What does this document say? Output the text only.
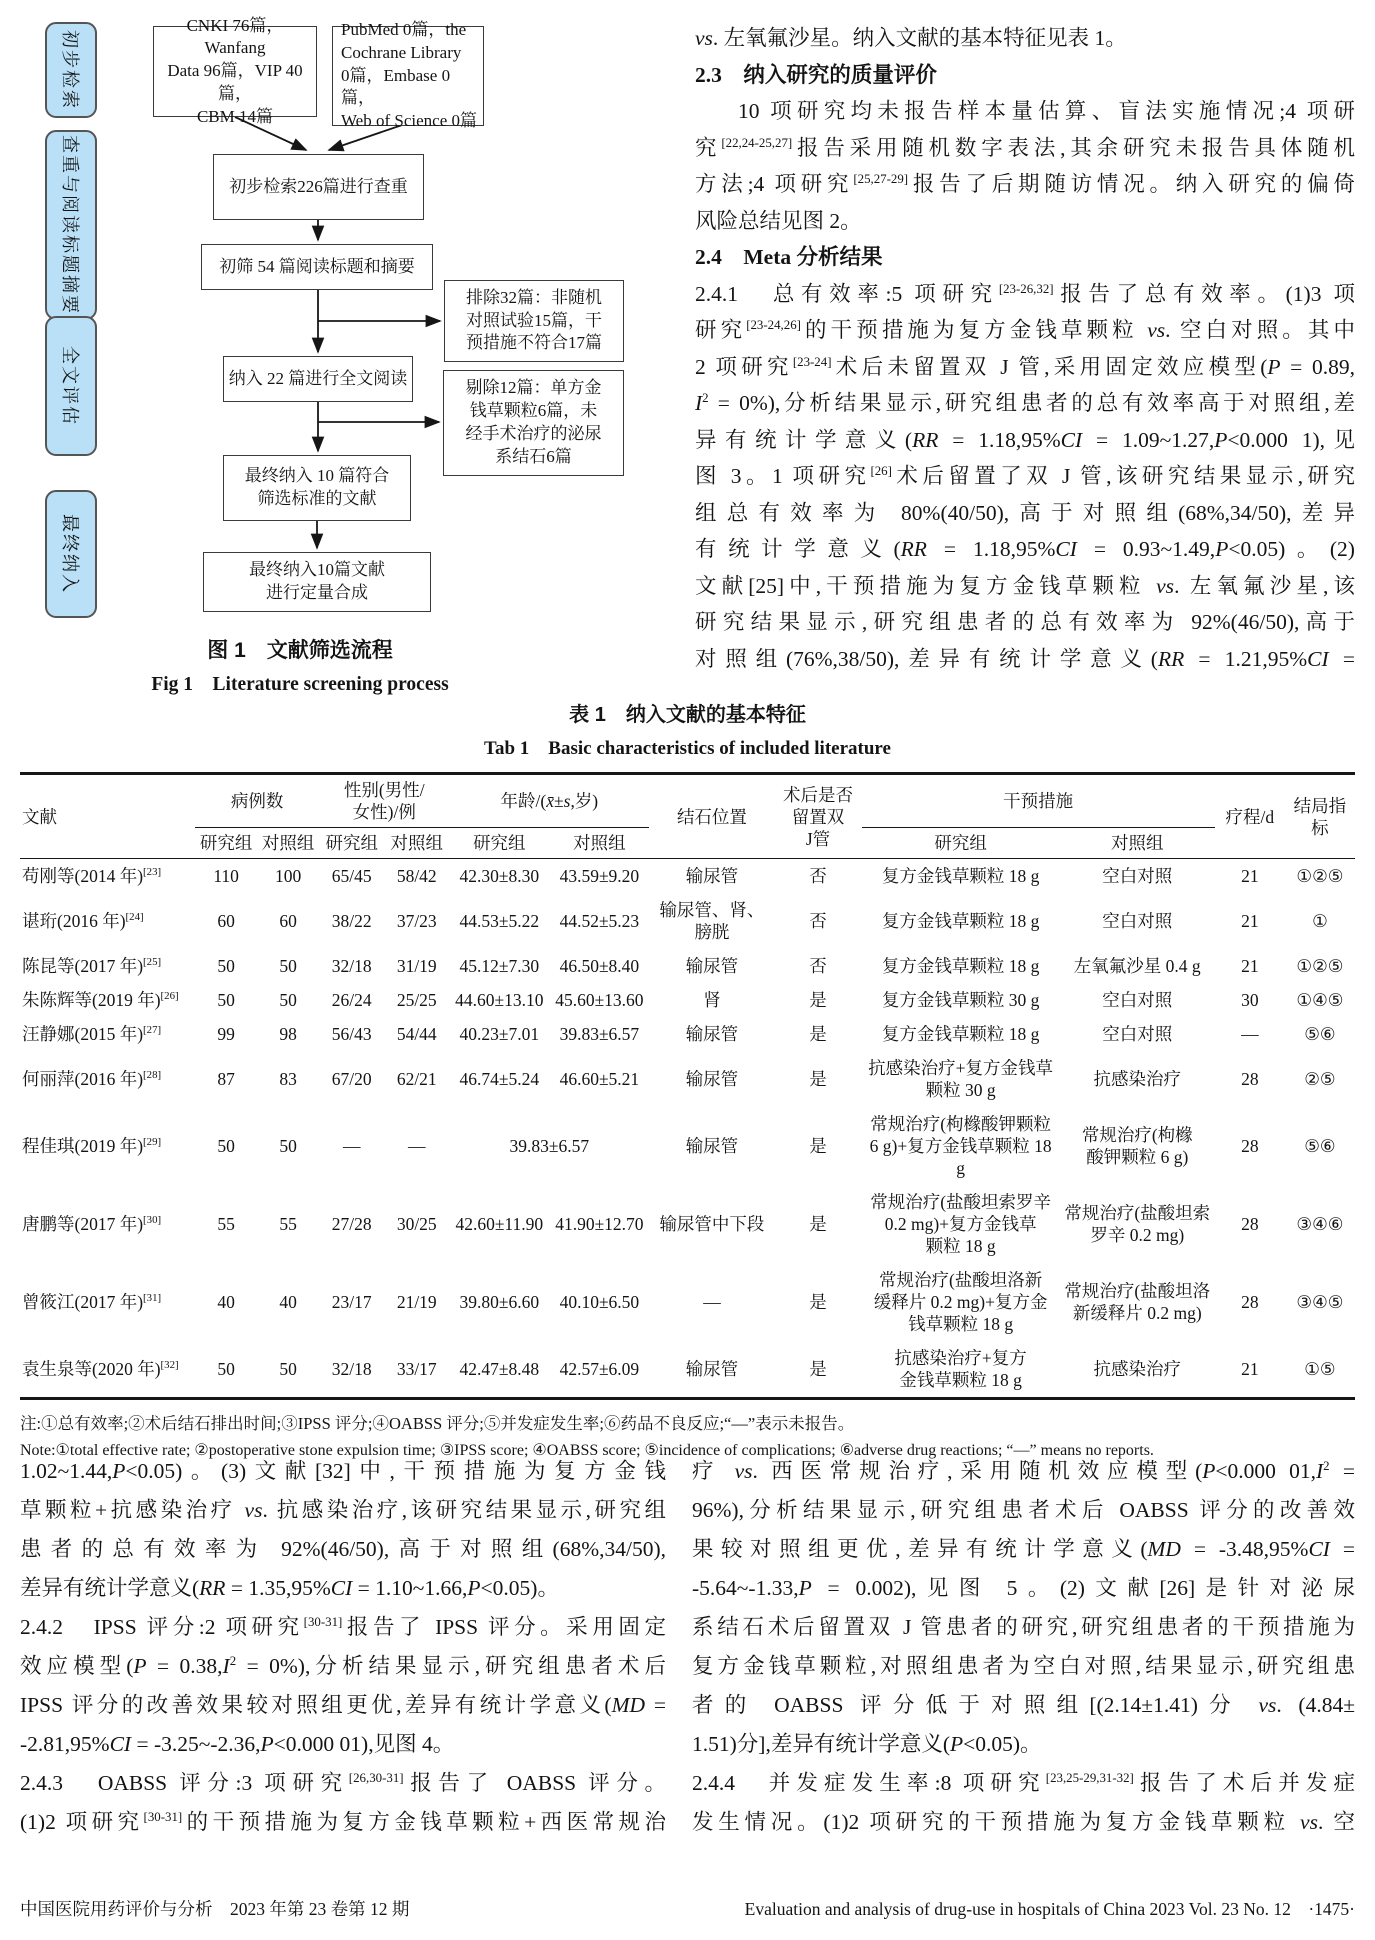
初步检索
查重与阅读标题摘要
全文评估
最终纳入
CNKI 76篇，Wanfang
Data 96篇，VIP 40篇，
CBM 14篇
PubMed 0篇，the
Cochrane Library
0篇，Embase 0篇，
Web of Science 0篇
初步检索226篇进行查重
初筛 54 篇阅读标题和摘要
排除32篇：非随机
对照试验15篇，干
预措施不符合17篇
纳入 22 篇进行全文阅读
剔除12篇：单方金
钱草颗粒6篇，未
经手术治疗的泌尿
系结石6篇
最终纳入 10 篇符合
筛选标准的文献
最终纳入10篇文献
进行定量合成
图 1　文献筛选流程
Fig 1　Literature screening process
vs. 左氧氟沙星。纳入文献的基本特征见表 1。
2.3　纳入研究的质量评价
10 项研究均未报告样本量估算、盲法实施情况;4 项研
究[22,24-25,27]报告采用随机数字表法,其余研究未报告具体随机
方法;4 项研究[25,27-29]报告了后期随访情况。纳入研究的偏倚
风险总结见图 2。
2.4　Meta 分析结果
2.4.1　总有效率:5 项研究[23-26,32]报告了总有效率。(1)3 项
研究[23-24,26]的干预措施为复方金钱草颗粒 vs. 空白对照。其中
2 项研究[23-24]术后未留置双 J 管,采用固定效应模型(P = 0.89,
$I^2 = 0\%$),分析结果显示,研究组患者的总有效率高于对照组,差
异有统计学意义(RR = 1.18,95%CI = 1.09~1.27,P<0.000 1),见
图 3。1 项研究[26]术后留置了双 J 管,该研究结果显示,研究
组总有效率为 80%(40/50),高于对照组(68%,34/50),差异
有统计学意义(RR = 1.18,95%CI = 0.93~1.49,P<0.05)。(2)
文献[25]中,干预措施为复方金钱草颗粒 vs. 左氧氟沙星,该
研究结果显示,研究组患者的总有效率为 92%(46/50),高于
对照组(76%,38/50),差异有统计学意义(RR = 1.21,95%CI =
表 1　纳入文献的基本特征
Tab 1　Basic characteristics of included literature
文献	病例数		性别(男性/
女性)/例		年龄/(x̄±s,岁)		结石位置	术后是否
留置双
J管	干预措施		疗程/d	结局指标
	研究组	对照组	研究组	对照组	研究组	对照组			研究组	对照组		
苟刚等(2014 年)[23]	110	100	65/45	58/42	42.30±8.30	43.59±9.20	输尿管	否	复方金钱草颗粒 18 g	空白对照	21	①②⑤
谌珩(2016 年)[24]	60	60	38/22	37/23	44.53±5.22	44.52±5.23	输尿管、肾、膀胱	否	复方金钱草颗粒 18 g	空白对照	21	①
陈昆等(2017 年)[25]	50	50	32/18	31/19	45.12±7.30	46.50±8.40	输尿管	否	复方金钱草颗粒 18 g	左氧氟沙星 0.4 g	21	①②⑤
朱陈辉等(2019 年)[26]	50	50	26/24	25/25	44.60±13.10	45.60±13.60	肾	是	复方金钱草颗粒 30 g	空白对照	30	①④⑤
汪静娜(2015 年)[27]	99	98	56/43	54/44	40.23±7.01	39.83±6.57	输尿管	是	复方金钱草颗粒 18 g	空白对照	—	⑤⑥
何丽萍(2016 年)[28]	87	83	67/20	62/21	46.74±5.24	46.60±5.21	输尿管	是	抗感染治疗+复方金钱草
颗粒 30 g	抗感染治疗	28	②⑤
程佳琪(2019 年)[29]	50	50	—	—	39.83±6.57		输尿管	是	常规治疗(枸橼酸钾颗粒
6 g)+复方金钱草颗粒 18 g	常规治疗(枸橼
酸钾颗粒 6 g)	28	⑤⑥
唐鹏等(2017 年)[30]	55	55	27/28	30/25	42.60±11.90	41.90±12.70	输尿管中下段	是	常规治疗(盐酸坦索罗辛
0.2 mg)+复方金钱草
颗粒 18 g	常规治疗(盐酸坦索
罗辛 0.2 mg)	28	③④⑥
曾筱江(2017 年)[31]	40	40	23/17	21/19	39.80±6.60	40.10±6.50	—	是	常规治疗(盐酸坦洛新
缓释片 0.2 mg)+复方金
钱草颗粒 18 g	常规治疗(盐酸坦洛
新缓释片 0.2 mg)	28	③④⑤
袁生泉等(2020 年)[32]	50	50	32/18	33/17	42.47±8.48	42.57±6.09	输尿管	是	抗感染治疗+复方
金钱草颗粒 18 g	抗感染治疗	21	①⑤
注:①总有效率;②术后结石排出时间;③IPSS 评分;④OABSS 评分;⑤并发症发生率;⑥药品不良反应;“—”表示未报告。
Note:①total effective rate; ②postoperative stone expulsion time; ③IPSS score; ④OABSS score; ⑤incidence of complications; ⑥adverse drug reactions; “—” means no reports.
1.02~1.44,P<0.05)。(3)文献[32]中,干预措施为复方金钱
草颗粒+抗感染治疗 vs. 抗感染治疗,该研究结果显示,研究组
患者的总有效率为 92%(46/50),高于对照组(68%,34/50),
差异有统计学意义(RR = 1.35,95%CI = 1.10~1.66,P<0.05)。
2.4.2　IPSS 评分:2 项研究[30-31]报告了 IPSS 评分。采用固定
效应模型$(P = 0.38,I^2 = 0\%)$,分析结果显示,研究组患者术后
IPSS 评分的改善效果较对照组更优,差异有统计学意义(MD =
-2.81,95%CI = -3.25~-2.36,P<0.000 01),见图 4。
2.4.3　OABSS 评分:3 项研究[26,30-31]报告了 OABSS 评分。
(1)2 项研究[30-31]的干预措施为复方金钱草颗粒+西医常规治
疗 vs. 西医常规治疗,采用随机效应模型(P<0.000 $01,I^2$ =
96%),分析结果显示,研究组患者术后 OABSS 评分的改善效
果较对照组更优,差异有统计学意义(MD = -3.48,95%CI =
-5.64~-1.33,P = 0.002),见图 5。(2)文献[26]是针对泌尿
系结石术后留置双 J 管患者的研究,研究组患者的干预措施为
复方金钱草颗粒,对照组患者为空白对照,结果显示,研究组患
者的 OABSS 评分低于对照组[(2.14±1.41)分 vs. (4.84±
1.51)分],差异有统计学意义(P<0.05)。
2.4.4　并发症发生率:8 项研究[23,25-29,31-32]报告了术后并发症
发生情况。(1)2 项研究的干预措施为复方金钱草颗粒 vs. 空
中国医院用药评价与分析　2023 年第 23 卷第 12 期	Evaluation and analysis of drug-use in hospitals of China 2023 Vol. 23 No. 12　·1475·
